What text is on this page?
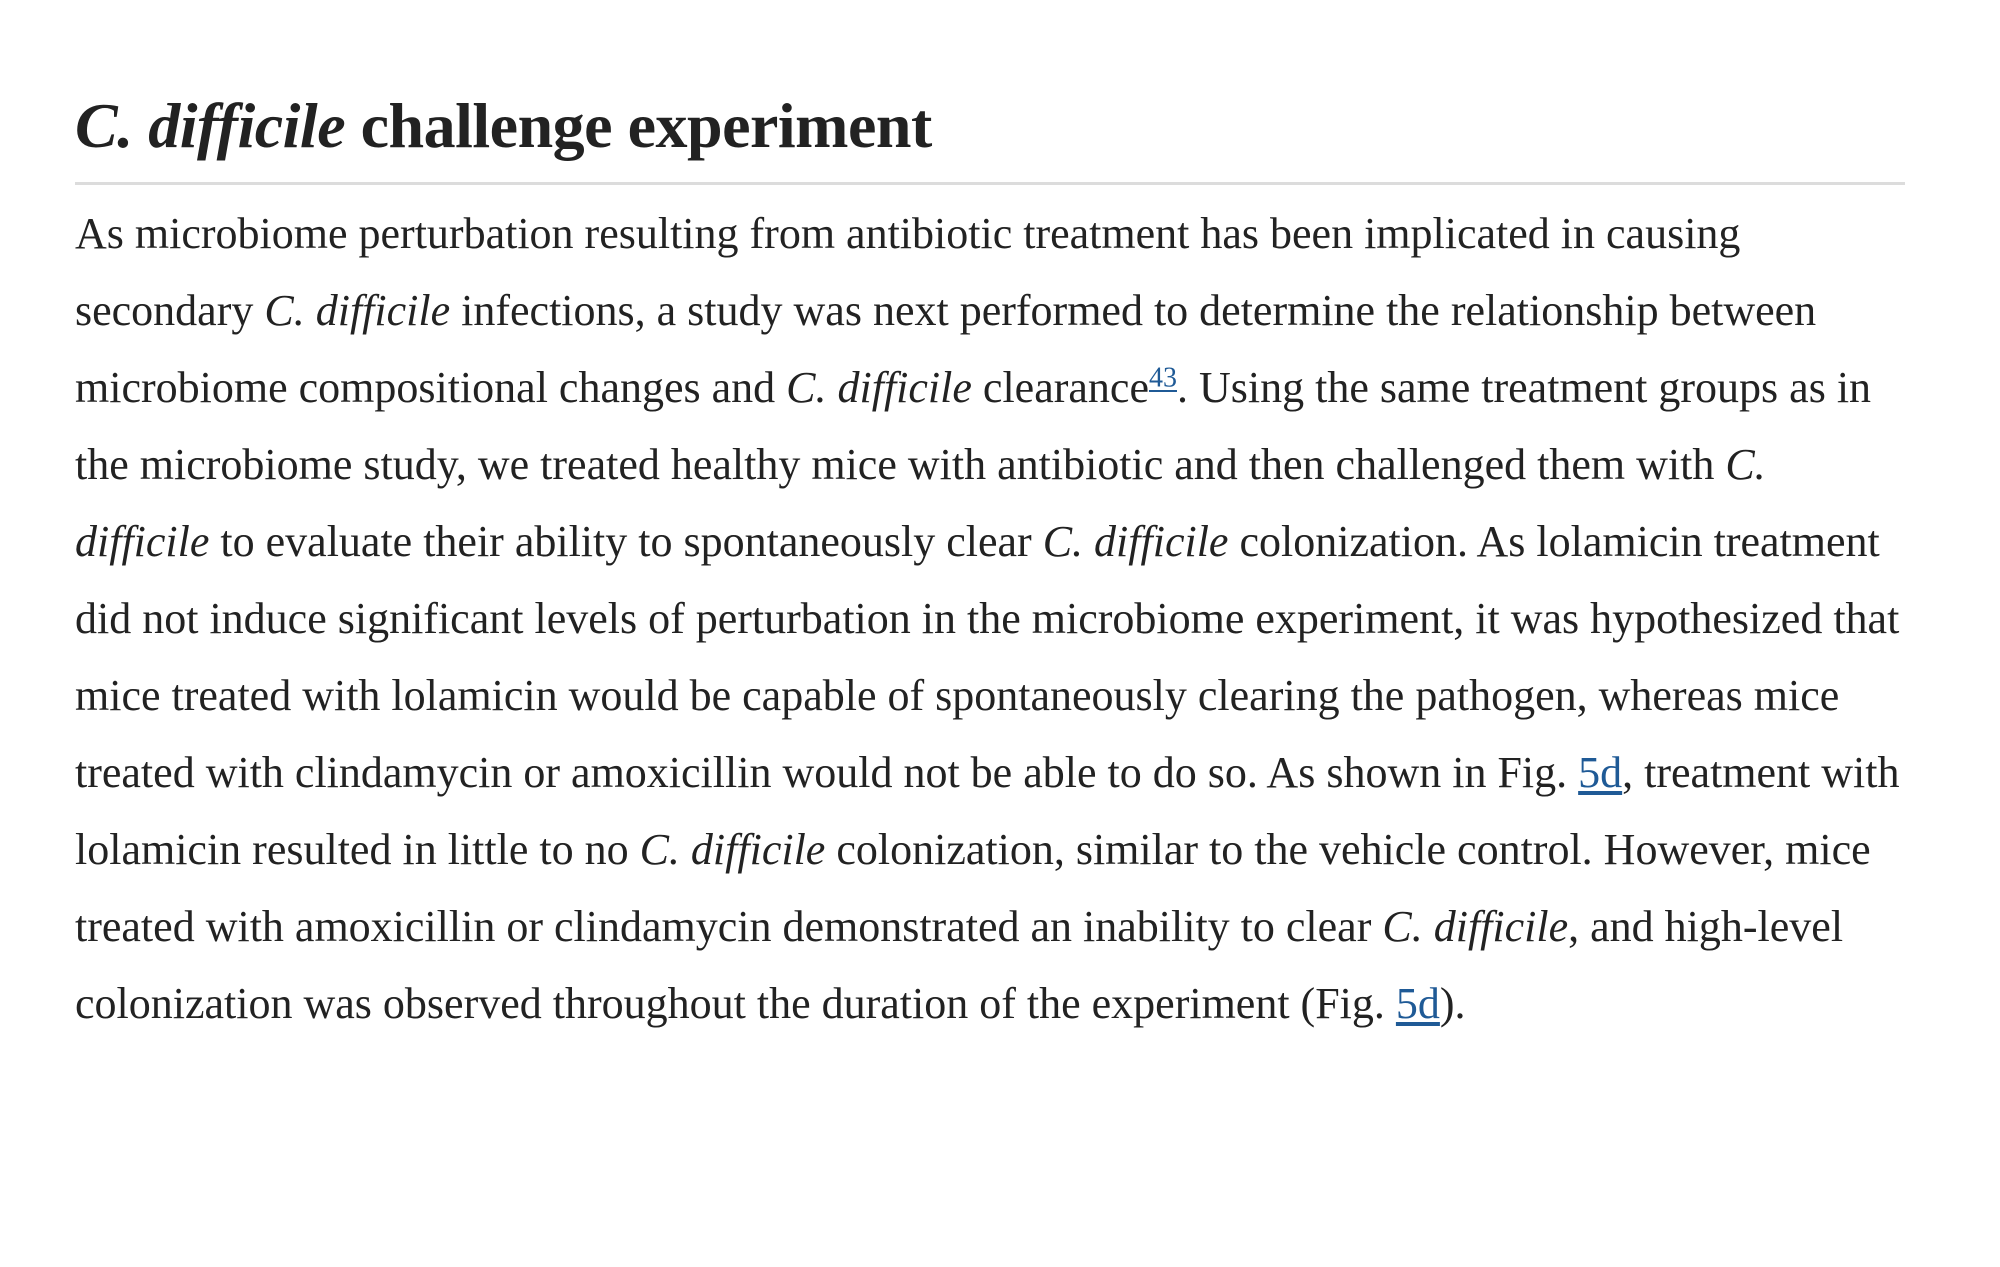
C. difficile challenge experiment

As microbiome perturbation resulting from antibiotic treatment has been implicated in causing secondary C. difficile infections, a study was next performed to determine the relationship between microbiome compositional changes and C. difficile clearance$^{43}$. Using the same treatment groups as in the microbiome study, we treated healthy mice with antibiotic and then challenged them with C. difficile to evaluate their ability to spontaneously clear C. difficile colonization. As lolamicin treatment did not induce significant levels of perturbation in the microbiome experiment, it was hypothesized that mice treated with lolamicin would be capable of spontaneously clearing the pathogen, whereas mice treated with clindamycin or amoxicillin would not be able to do so. As shown in Fig. 5d, treatment with lolamicin resulted in little to no C. difficile colonization, similar to the vehicle control. However, mice treated with amoxicillin or clindamycin demonstrated an inability to clear C. difficile, and high-level colonization was observed throughout the duration of the experiment (Fig. 5d).
